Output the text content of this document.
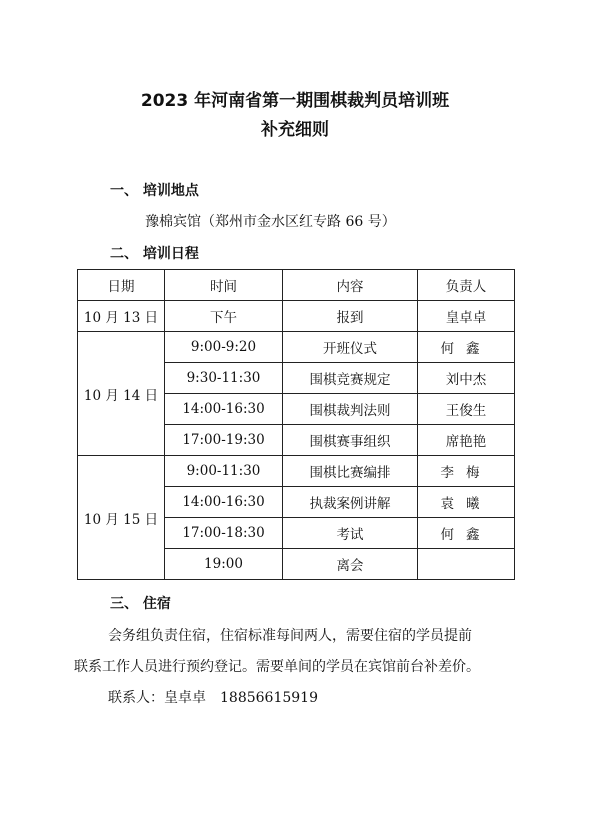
2023 年河南省第一期围棋裁判员培训班
补充细则
一、 培训地点
豫棉宾馆（郑州市金水区红专路 66 号）
二、 培训日程
日期	时间	内容	负责人
10 月 13 日	下午	报到	皇卓卓
10 月 14 日	9:00-9:20	开班仪式	何鑫
	9:30-11:30	围棋竞赛规定	刘中杰
	14:00-16:30	围棋裁判法则	王俊生
	17:00-19:30	围棋赛事组织	席艳艳
10 月 15 日	9:00-11:30	围棋比赛编排	李梅
	14:00-16:30	执裁案例讲解	袁曦
	17:00-18:30	考试	何鑫
	19:00	离会	
三、 住宿
会务组负责住宿，住宿标准每间两人，需要住宿的学员提前
联系工作人员进行预约登记。需要单间的学员在宾馆前台补差价。
联系人：皇卓卓　18856615919
